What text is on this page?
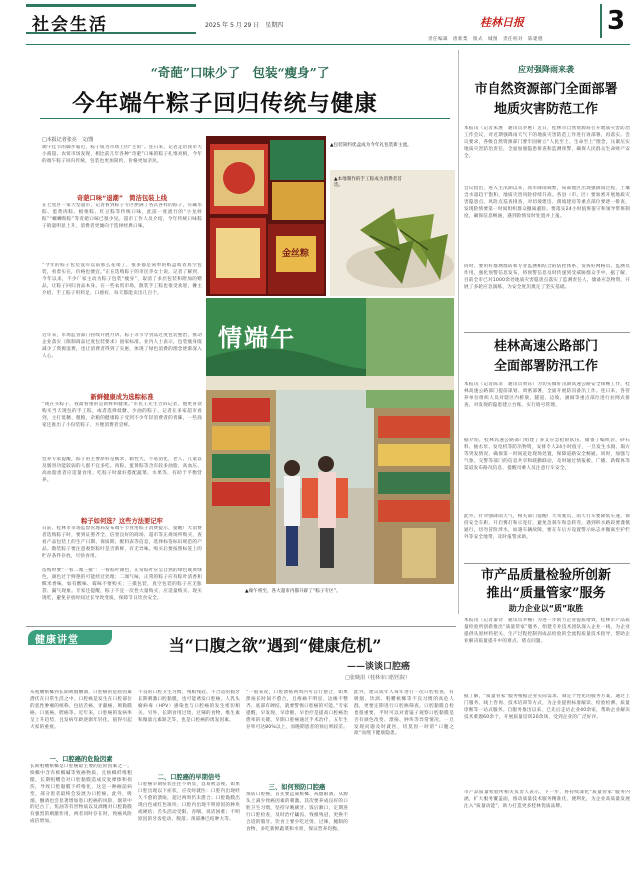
社会生活	2025 年 5 月 29 日　星期四	桂林日报	3
责任编辑　唐新梨　版式　城图　责任校对　陈建德
“奇葩”口味少了　包装“瘦身”了
今年端午粽子回归传统与健康
□本报记者张亮　文/图

端午佳节的脚步临近，粽子成为市场上的“主角”。连日来，记者走访我市大小商超、农贸市场发现，相比前几年各种“奇葩”口味的粽子扎堆亮相，今年的端午粽子回归传统，包装也更加简约，价格更加亲民。

奇葩口味“退潮”　简洁包装上线

在七星区一家大型超市，记者看到粽子专区摆满了各式各样的粽子，有碱水粽、蛋黄肉粽、板栗粽、红豆粽等传统口味，此前一度流行的“小龙虾粽”“螺蛳粉粽”等奇葩口味已很少见。超市工作人员介绍，今年传统口味粽子销量明显上升，消费者更倾向于选择经典口味。

“今年的粽子包装没有以前那么花哨了，很多都是简单的纸盒或者真空包装，看着实在，价格也便宜。”正在选购粽子的市民李女士说。记者了解到，今年以来，不少厂家主动为粽子包装“瘦身”，取消了多层包装和附加的赠品，让粽子回归食品本身。在一些农贸市场，散装手工粽也很受欢迎，摊主介绍，手工粽子用料足，口感好，每天都能卖出几百个。

近年来，市场监管部门持续开展月饼、粽子等节令食品过度包装整治，推动企业落实《限制商品过度包装要求》国家标准。业内人士表示，包装瘦身既减少了资源浪费，也让消费者得到了实惠，体现了绿色消费的理念逐渐深入人心。

新鲜健康成为选粽标准

“现在买粽子，我最看重的是新鲜和健康。”市民王先生告诉记者，他更喜欢购买当天现包的手工粽，或者选择低糖、少油的粽子。记者在多家超市看到，主打低糖、粗粮、杂粮的健康粽子受到不少年轻消费者的青睐，一些商家还推出了小份装粽子，方便消费者尝鲜。

营养专家提醒，粽子的主要原料是糯米，黏性大，不易消化，老人、儿童以及肠胃功能较弱的人群不宜多吃。肉粽、蛋黄粽等含有较多油脂，高血压、高血脂患者应适量食用。吃粽子时最好搭配蔬菜、水果等，有助于平衡营养。

粽子如何选？这些方法要记牢

日前，桂林市市场监督管理局发布端午节食用粽子消费提示，提醒广大消费者选购粽子时，要到证照齐全、信誉良好的商场、超市等正规场所购买，查看产品包装上的生产日期、保质期、配料表等信息，选择标签标识规范的产品。散装粽子要注意观察粽叶是否新鲜，有无异味。购买后要按照标签上的贮存条件存放，尽快食用。

选购时要“一看二闻三摸”：一看粽叶颜色，正常粽叶应呈自然的绿色或黄绿色，颜色过于鲜艳的可能经过处理；二闻气味，正常的粽子应有粽叶清香和糯米香味，如有酸味、霉味不要购买；三摸包装，真空包装的粽子应无胀袋、漏气现象。专家还提醒，粽子不宜一次性大量购买，应适量购买、现买现吃，避免存放时间过长导致变质，保障节日饮食安全。

金丝粽
▲包装简约优盒成为今年礼包装新主流。
▲本地制作的手工粽成为消费者首选。
情端午
▲端午将至，各大超市内都开辟了“粽子专区”。
应对强降雨来袭
市自然资源部门全面部署
地质灾害防范工作

本报讯（记者朱展　通讯员李惠）近日，桂林市自然资源局召开地质灾害防治工作会议，对近期强降雨天气下的地质灾害防范工作进行再部署、再落实。会议要求，各级自然资源部门要牢固树立“人民至上、生命至上”理念，压紧压实地质灾害防治责任，全面加强隐患排查和监测预警，确保人民群众生命财产安全。

会议指出，进入主汛期以来，我市降雨频繁，局部地区出现强降雨过程，土壤含水量趋于饱和，地质灾害风险持续升高。各县（市、区）要加密开展地质灾害隐患点、风险点巡查排查，对切坡建房、削坡建房等重点部位要逐一排查，发现险情要第一时间组织群众撤离避险。要落实24小时值班值守和领导带班制度，确保信息畅通，遇到险情及时处置并上报。

同时，要用好群测群防和专业监测相结合的防控体系，发挥好网格员、监测员作用，强化预警信息发布，将预警信息及时传递到受威胁群众手中。据了解，目前全市已对1000余处地质灾害隐患点落实了监测责任人，储备应急物资，开展了多轮应急演练，为安全度汛奠定了坚实基础。

桂林高速公路部门
全面部署防汛工作

本报讯（记者陈菲　通讯员黄钰）为切实做好汛期高速公路安全保畅工作，桂林高速公路部门提前谋划、周密部署，全面开展防汛备汛工作。连日来，各管养单位组织人员对辖区内桥梁、隧道、边坡、涵洞等重点部位进行拉网式排查，对发现的隐患建立台账，实行销号管理。

据介绍，桂林高速公路部门组建了多支应急抢险队伍，储备了编织袋、砂石料、抽水泵、发电机等防汛物资，安排专人24小时值守，一旦发生水毁、塌方等突发情况，确保第一时间赶赴现场处置，保障道路安全畅通。同时，加强与气象、交警等部门的信息共享和联勤联动，及时通过情报板、广播、新媒体等渠道发布路况信息，提醒司乘人员注意行车安全。

此外，针对强降雨天气，相关部门提醒广大驾驶员，雨天行车要降低车速，保持安全车距，开启雾灯和示宽灯，避免急刹车和急转弯。遇到积水路段要谨慎通行，切勿冒险涉水，如遇车辆故障，要在车后方设置警示标志并撤离至护栏外等安全地带，及时报警求助。

市产品质量检验所创新
推出“质量管家”服务
助力企业以“质”取胜

本报讯（记者秦诗　通讯员李楠）为进一步助力企业提质增效，桂林市产品质量检验所创新推出“质量管家”服务，组建专业技术团队深入企业一线，为企业提供从原材料把关、生产过程控制到成品检验的全流程质量技术指导，帮助企业解决质量提升中的难点、堵点问题。

据了解，“质量管家”服务根据企业实际需求，制定个性化的服务方案，通过上门服务、线上咨询、技术培训等方式，为企业提供标准解读、检验检测、质量诊断等一站式服务。自服务推出以来，已先后走访企业40余家，帮助企业解决技术难题60余个，开展质量培训20余场，受到企业的广泛好评。

市产品质量检验所相关负责人表示，下一步，将持续深化“质量管家”服务内涵，扩大服务覆盖面，推动质量技术服务精准化、便利化，为企业高质量发展注入“质量动能”，助力打造更多桂林优质品牌。

健康讲堂	当“口腹之欲”遇到“健康危机”
——谈谈口腔癌
□张映涓（桂林市口腔医院）

从咀嚼槟榔到长期吸烟酗酒，口腔癌的危险因素潜伏在日常生活之中。口腔癌是发生在口腔部位的恶性肿瘤的统称，包括舌癌、牙龈癌、颊黏膜癌、口底癌、腭癌等。近年来，口腔癌的发病率呈上升趋势，且发病年龄逐渐年轻化，值得引起大家的重视。

一、口腔癌的危险因素

长期咀嚼槟榔是口腔癌最主要的危险因素之一。槟榔中含有槟榔碱等致癌物质，且槟榔纤维粗糙，长期咀嚼会对口腔黏膜造成反复摩擦和损伤，导致口腔黏膜下纤维化，这是一种癌前病变，部分患者最终会发展为口腔癌。此外，吸烟、酗酒也会显著增加患口腔癌的风险，烟草中的尼古丁、焦油等有害物质以及酒精对口腔黏膜有强烈的刺激作用，两者同时存在时，致癌风险成倍增加。

不良的口腔卫生习惯，残根残冠、不合适的假牙长期刺激口腔黏膜，也可能诱发口腔癌。人乳头瘤病毒（HPV）感染也与口腔癌的发生密切相关。另外，长期食用过烫、过辣的食物，维生素和微量元素缺乏等，也是口腔癌的诱发因素。

二、口腔癌的早期信号

口腔癌早期症状往往不明显，容易被忽视。如果口腔出现以下症状，应及时就医：口腔内出现经久不愈的溃疡，超过两周仍未愈合；口腔黏膜出现白色或红色斑块；口腔内出现不明原因的肿块或硬结；舌头活动受限，吞咽、说话困难；不明原因的牙齿松动、脱落；颈部淋巴结肿大等。

“一般来说，口腔溃疡两周内可自行愈合，如果溃疡长时间不愈合，且疼痛不明显、边缘不整齐、底部有硬结，就要警惕口腔癌的可能。”专家提醒，早发现、早诊断、早治疗是提高口腔癌治愈率的关键。早期口腔癌通过手术治疗，五年生存率可达80%以上，而晚期患者的预后则较差。

三、如何预防口腔癌

预防口腔癌，首先要远离槟榔、戒烟限酒，从源头上减少致癌因素的刺激。其次要养成良好的口腔卫生习惯，坚持早晚刷牙、饭后漱口，定期进行口腔检查，及时治疗龋齿、残根残冠，更换不合适的假牙。饮食上要少吃过烫、过辣、腌制的食物，多吃新鲜蔬菜和水果，保证营养均衡。

此外，建议成年人每年进行一次口腔检查，有吸烟、饮酒、咀嚼槟榔等不良习惯的高危人群，更要定期进行口腔癌筛查。口腔黏膜自检也很重要，平时可以对着镜子观察口腔黏膜是否有颜色改变、溃疡、肿块等异常情况，一旦发现问题及时就医，切莫因一时的“口腹之欲”而埋下健康隐患。
